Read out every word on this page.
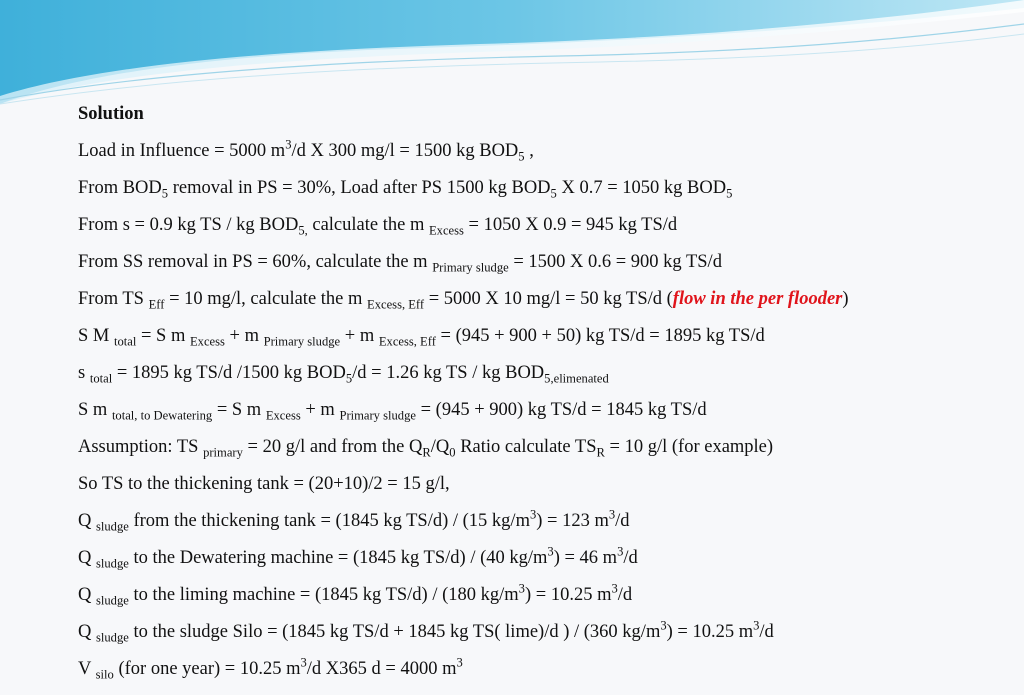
Solution
Load in Influence = 5000 $m^3/d$ X 300 mg/l = 1500 kg $BOD_5$ ,
From $BOD_5$ removal in PS = 30%, Load after PS 1500 kg $BOD_5$ X 0.7 = 1050 kg $BOD_5$
From s = 0.9 kg TS / kg $BOD_{5,}$ calculate the m $_{Excess}$ = 1050 X 0.9 = 945 kg TS/d
From SS removal in PS = 60%, calculate the m $_{Primary sludge}$ = 1500 X 0.6 = 900 kg TS/d
From TS $_{Eff}$ = 10 mg/l, calculate the m $_{Excess, Eff}$ = 5000 X 10 mg/l = 50 kg TS/d (flow in the per flooder)
S M $_{total}$ = S m $_{Excess}$ + m $_{Primary sludge}$ + m $_{Excess, Eff}$ = (945 + 900 + 50) kg TS/d = 1895 kg TS/d
s $_{total}$ = 1895 kg TS/d /1500 kg $BOD_5/d = 1.26$ kg TS / kg $BOD_{5,elimenated}$
S m $_{total, to Dewatering}$ = S m $_{Excess}$ + m $_{Primary sludge}$ = (945 + 900) kg TS/d = 1845 kg TS/d
Assumption: TS $_{primary}$ = 20 g/l and from the $Q_R/Q_0$ Ratio calculate $TS_R = 10$ g/l (for example)
So TS to the thickening tank = (20+10)/2 = 15 g/l,
Q $_{sludge}$ from the thickening tank = (1845 kg TS/d) / (15 $kg/m^3) = 123$ $m^3/d$
Q $_{sludge}$ to the Dewatering machine = (1845 kg TS/d) / (40 $kg/m^3) = 46$ $m^3/d$
Q $_{sludge}$ to the liming machine = (1845 kg TS/d) / (180 $kg/m^3) = 10.25$ $m^3/d$
Q $_{sludge}$ to the sludge Silo = (1845 kg TS/d + 1845 kg TS( lime)/d ) / (360 $kg/m^3) = 10.25$ $m^3/d$
V $_{silo}$ (for one year) = 10.25 $m^3/d$ X365 d = 4000 $m^3$
